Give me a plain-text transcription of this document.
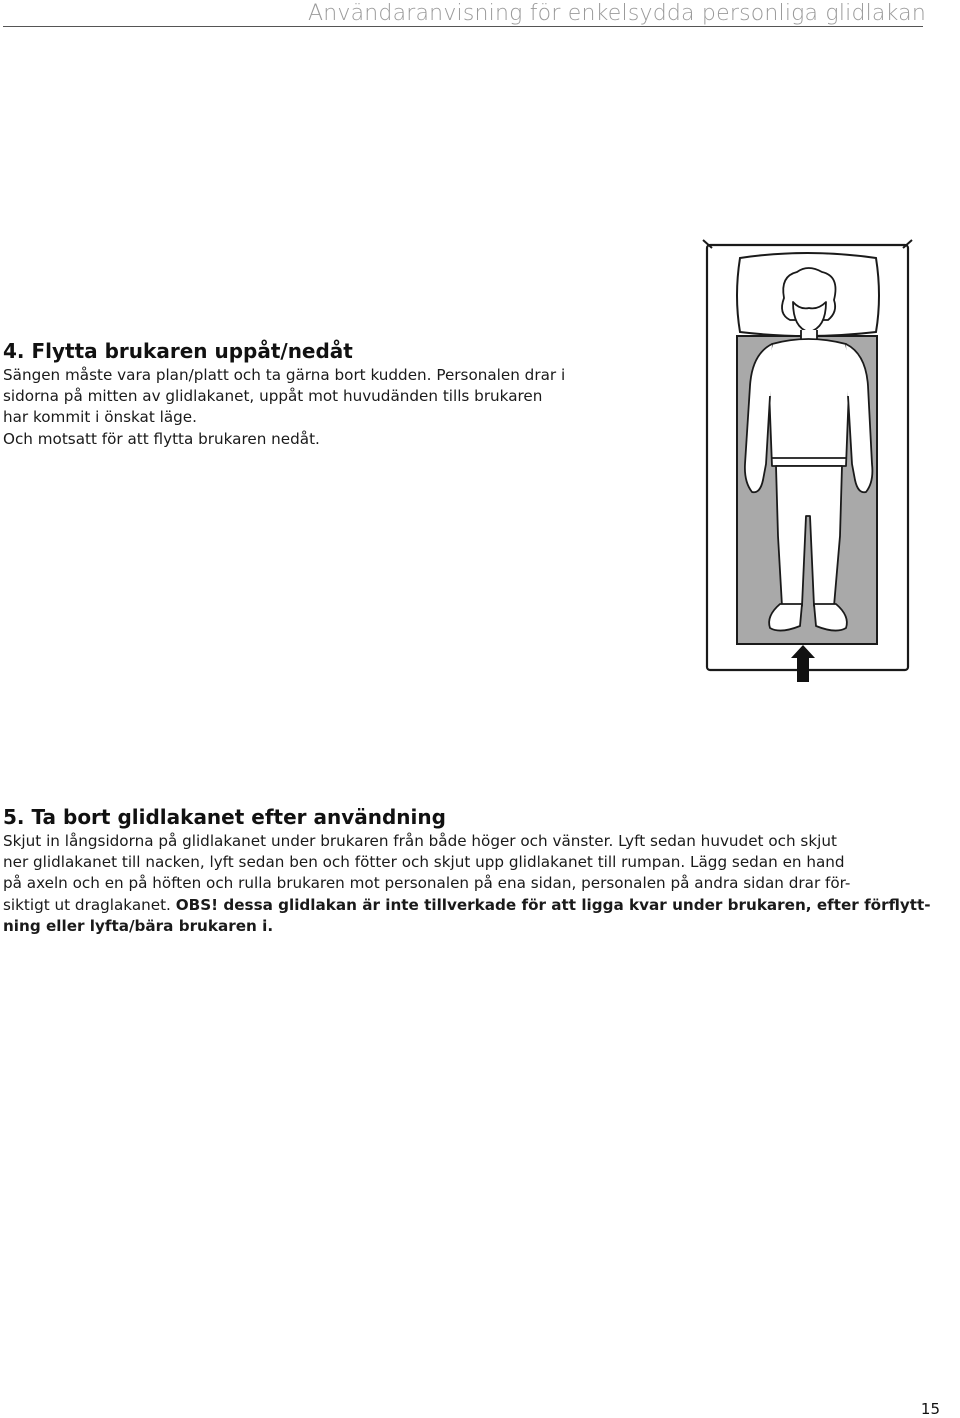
Användaranvisning för enkelsydda personliga glidlakan
4. Flytta brukaren uppåt/nedåt

Sängen måste vara plan/platt och ta gärna bort kudden. Personalen drar i

sidorna på mitten av glidlakanet, uppåt mot huvudänden tills brukaren

har kommit i önskat läge.

Och motsatt för att flytta brukaren nedåt.

5. Ta bort glidlakanet efter användning

Skjut in långsidorna på glidlakanet under brukaren från både höger och vänster. Lyft sedan huvudet och skjut

ner glidlakanet till nacken, lyft sedan ben och fötter och skjut upp glidlakanet till rumpan. Lägg sedan en hand

på axeln och en på höften och rulla brukaren mot personalen på ena sidan, personalen på andra sidan drar för-

siktigt ut draglakanet. OBS! dessa glidlakan är inte tillverkade för att ligga kvar under brukaren, efter förflytt-

ning eller lyfta/bära brukaren i.

15
